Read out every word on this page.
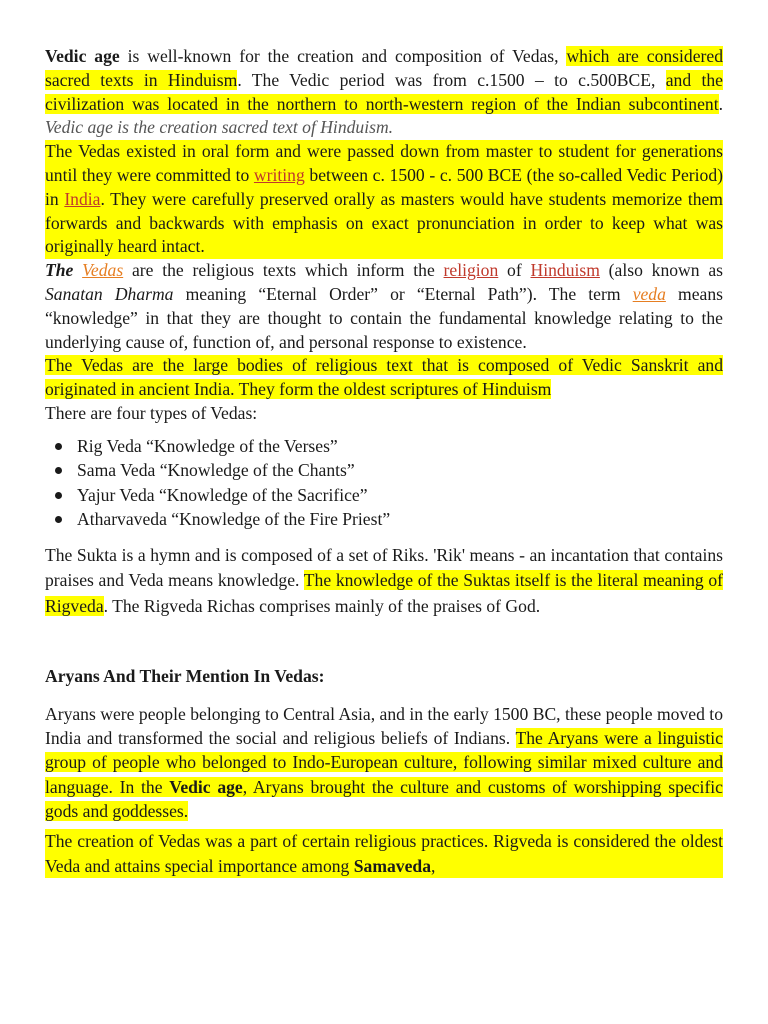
Vedic age is well-known for the creation and composition of Vedas, which are considered sacred texts in Hinduism. The Vedic period was from c.1500 – to c.500BCE, and the civilization was located in the northern to north-western region of the Indian subcontinent. Vedic age is the creation sacred text of Hinduism.

The Vedas existed in oral form and were passed down from master to student for generations until they were committed to writing between c. 1500 - c. 500 BCE (the so-called Vedic Period) in India. They were carefully preserved orally as masters would have students memorize them forwards and backwards with emphasis on exact pronunciation in order to keep what was originally heard intact.

The Vedas are the religious texts which inform the religion of Hinduism (also known as Sanatan Dharma meaning “Eternal Order” or “Eternal Path”). The term veda means “knowledge” in that they are thought to contain the fundamental knowledge relating to the underlying cause of, function of, and personal response to existence.

The Vedas are the large bodies of religious text that is composed of Vedic Sanskrit and originated in ancient India. They form the oldest scriptures of Hinduism

There are four types of Vedas:

Rig Veda “Knowledge of the Verses”
Sama Veda “Knowledge of the Chants”
Yajur Veda “Knowledge of the Sacrifice”
Atharvaveda “Knowledge of the Fire Priest”

The Sukta is a hymn and is composed of a set of Riks. 'Rik' means - an incantation that contains praises and Veda means knowledge. The knowledge of the Suktas itself is the literal meaning of Rigveda. The Rigveda Richas comprises mainly of the praises of God.

Aryans And Their Mention In Vedas:

Aryans were people belonging to Central Asia, and in the early 1500 BC, these people moved to India and transformed the social and religious beliefs of Indians. The Aryans were a linguistic group of people who belonged to Indo-European culture, following similar mixed culture and language. In the Vedic age, Aryans brought the culture and customs of worshipping specific gods and goddesses.

The creation of Vedas was a part of certain religious practices. Rigveda is considered the oldest Veda and attains special importance among Samaveda,
